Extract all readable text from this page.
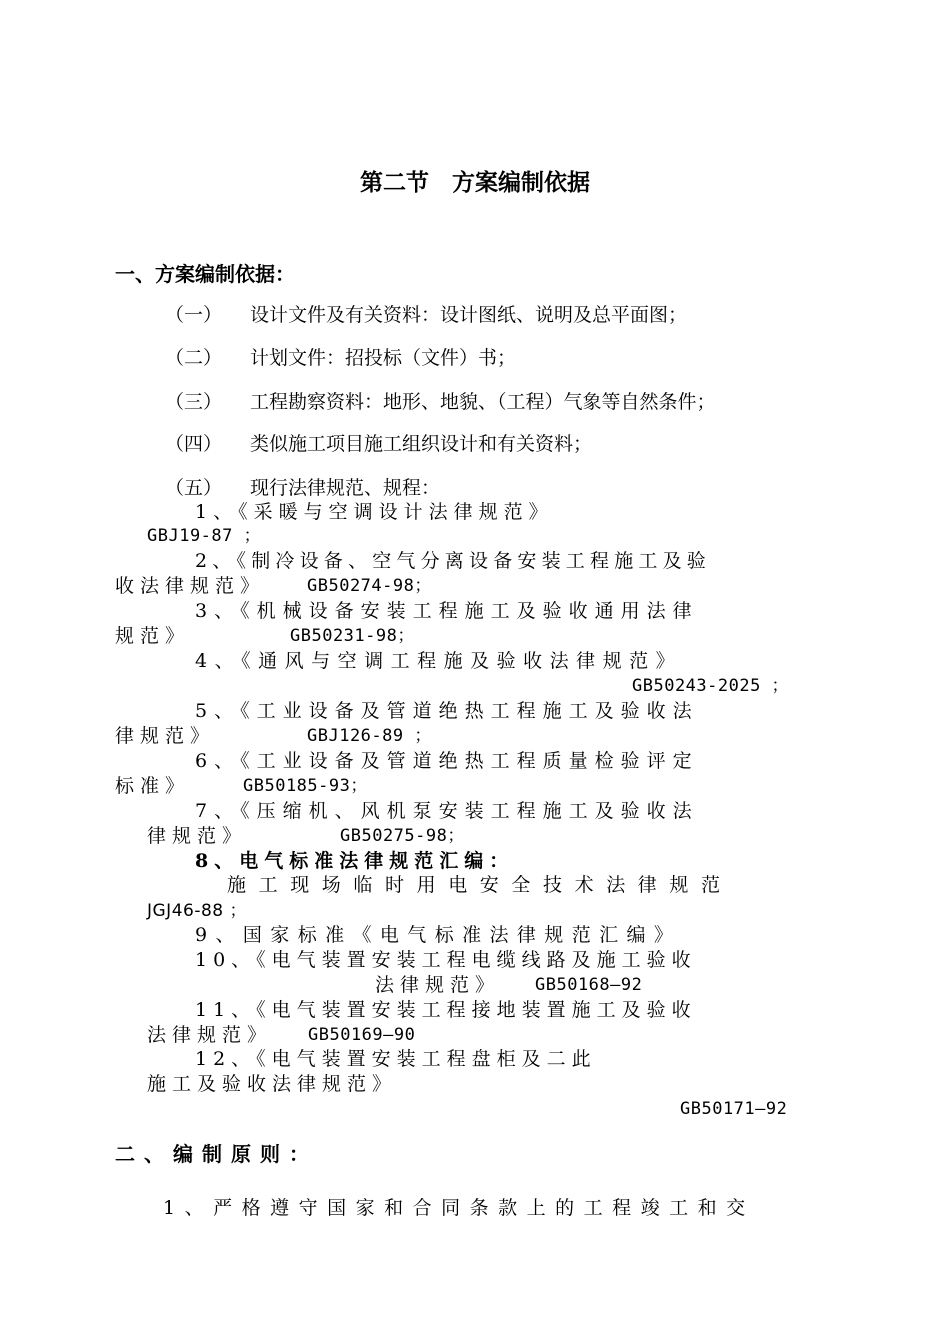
第二节　方案编制依据
一、方案编制依据：
（一） 设计文件及有关资料：设计图纸、说明及总平面图；
（二） 计划文件：招投标（文件）书；
（三） 工程勘察资料：地形、地貌、（工程）气象等自然条件；
（四） 类似施工项目施工组织设计和有关资料；
（五） 现行法律规范、规程：
1、《采暖与空调设计法律规范》
GBJ19-87 ；
2、《制冷设备、空气分离设备安装工程施工及验
收法律规范》 GB50274-98；
3、《机械设备安装工程施工及验收通用法律
规范》	GB50231-98；
4、《通风与空调工程施及验收法律规范》
GB50243-2025 ；
5、《工业设备及管道绝热工程施工及验收法
律规范》	GBJ126-89 ；
6、《工业设备及管道绝热工程质量检验评定
标准》	GB50185-93；
7、《压缩机、风机泵安装工程施工及验收法
律规范》	GB50275-98；
8、电气标准法律规范汇编：
施工现场临时用电安全技术法律规范
JGJ46-88 ；
9、国家标准《电气标准法律规范汇编》
10、《电气装置安装工程电缆线路及施工验收
法律规范》 GB50168—92
11、《电气装置安装工程接地装置施工及验收
法律规范》 GB50169—90
12、《电气装置安装工程盘柜及二此
施工及验收法律规范》
GB50171—92
二、编制原则：
1、严格遵守国家和合同条款上的工程竣工和交
